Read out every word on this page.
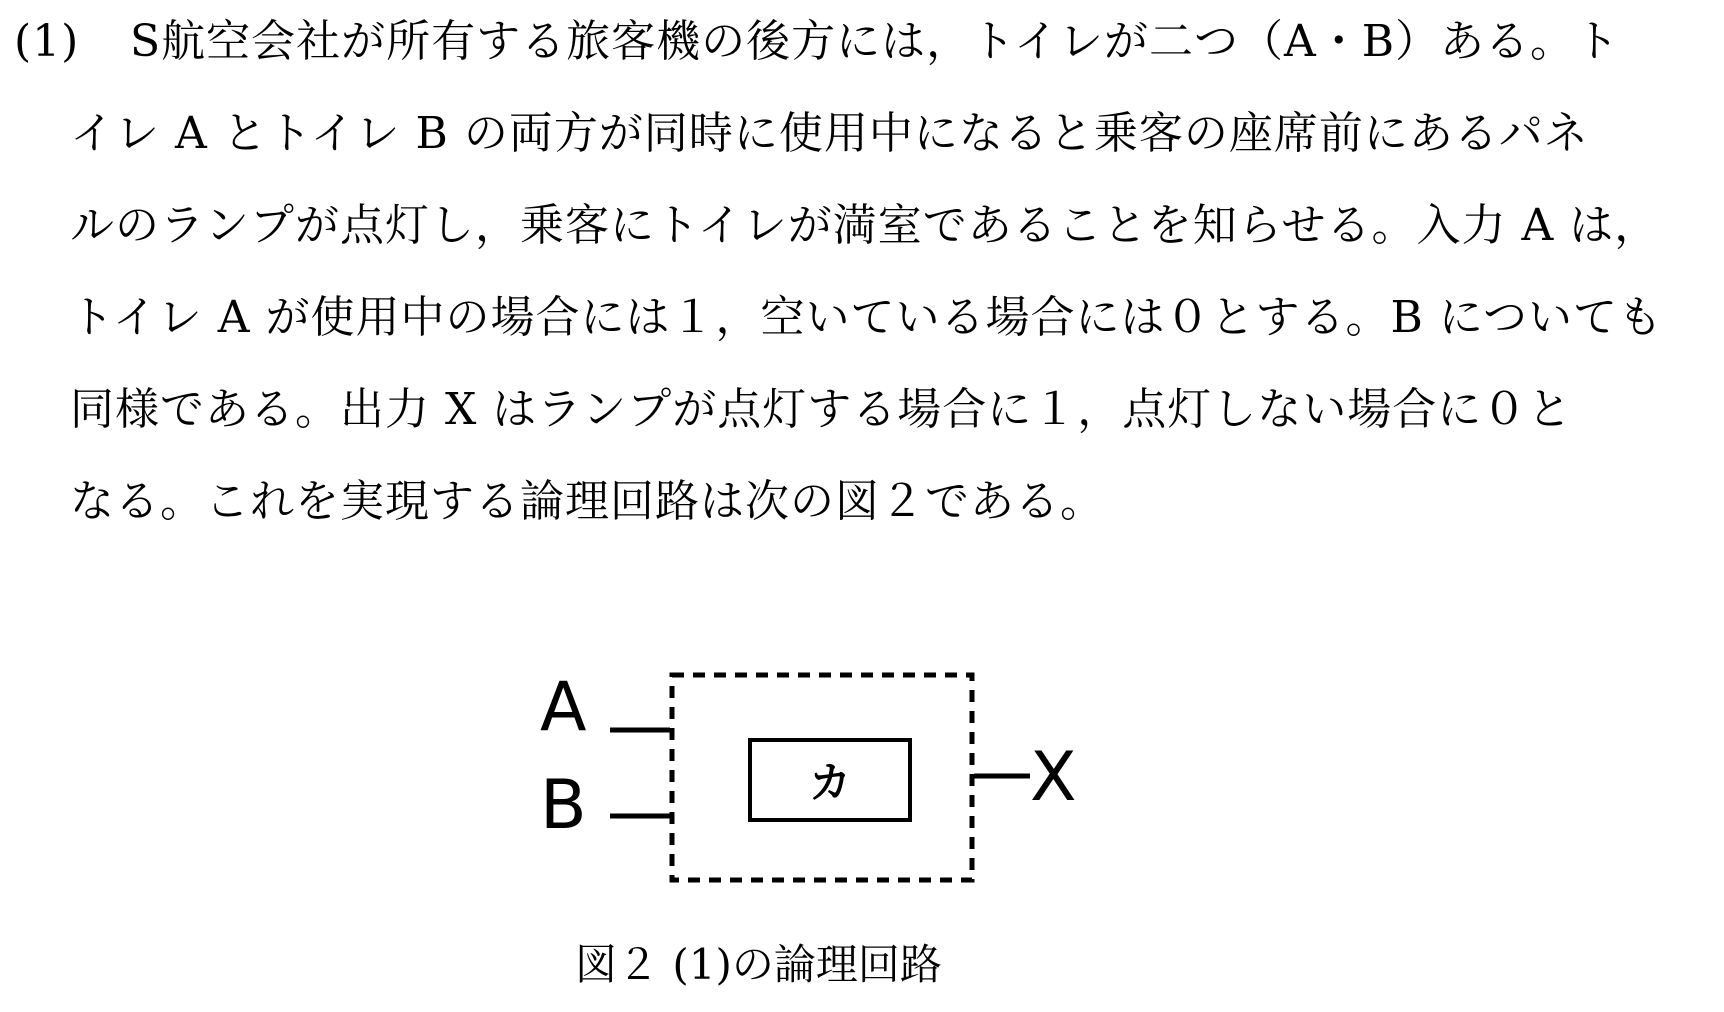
(1) S航空会社が所有する旅客機の後方には，トイレが二つ（A・B）ある。ト
イレ A とトイレ B の両方が同時に使用中になると乗客の座席前にあるパネ
ルのランプが点灯し，乗客にトイレが満室であることを知らせる。入力 A は，
トイレ A が使用中の場合には１，空いている場合には０とする。B についても
同様である。出力 X はランプが点灯する場合に１，点灯しない場合に０と
なる。これを実現する論理回路は次の図２である。
A
B	カ	X
図２ (1)の論理回路
